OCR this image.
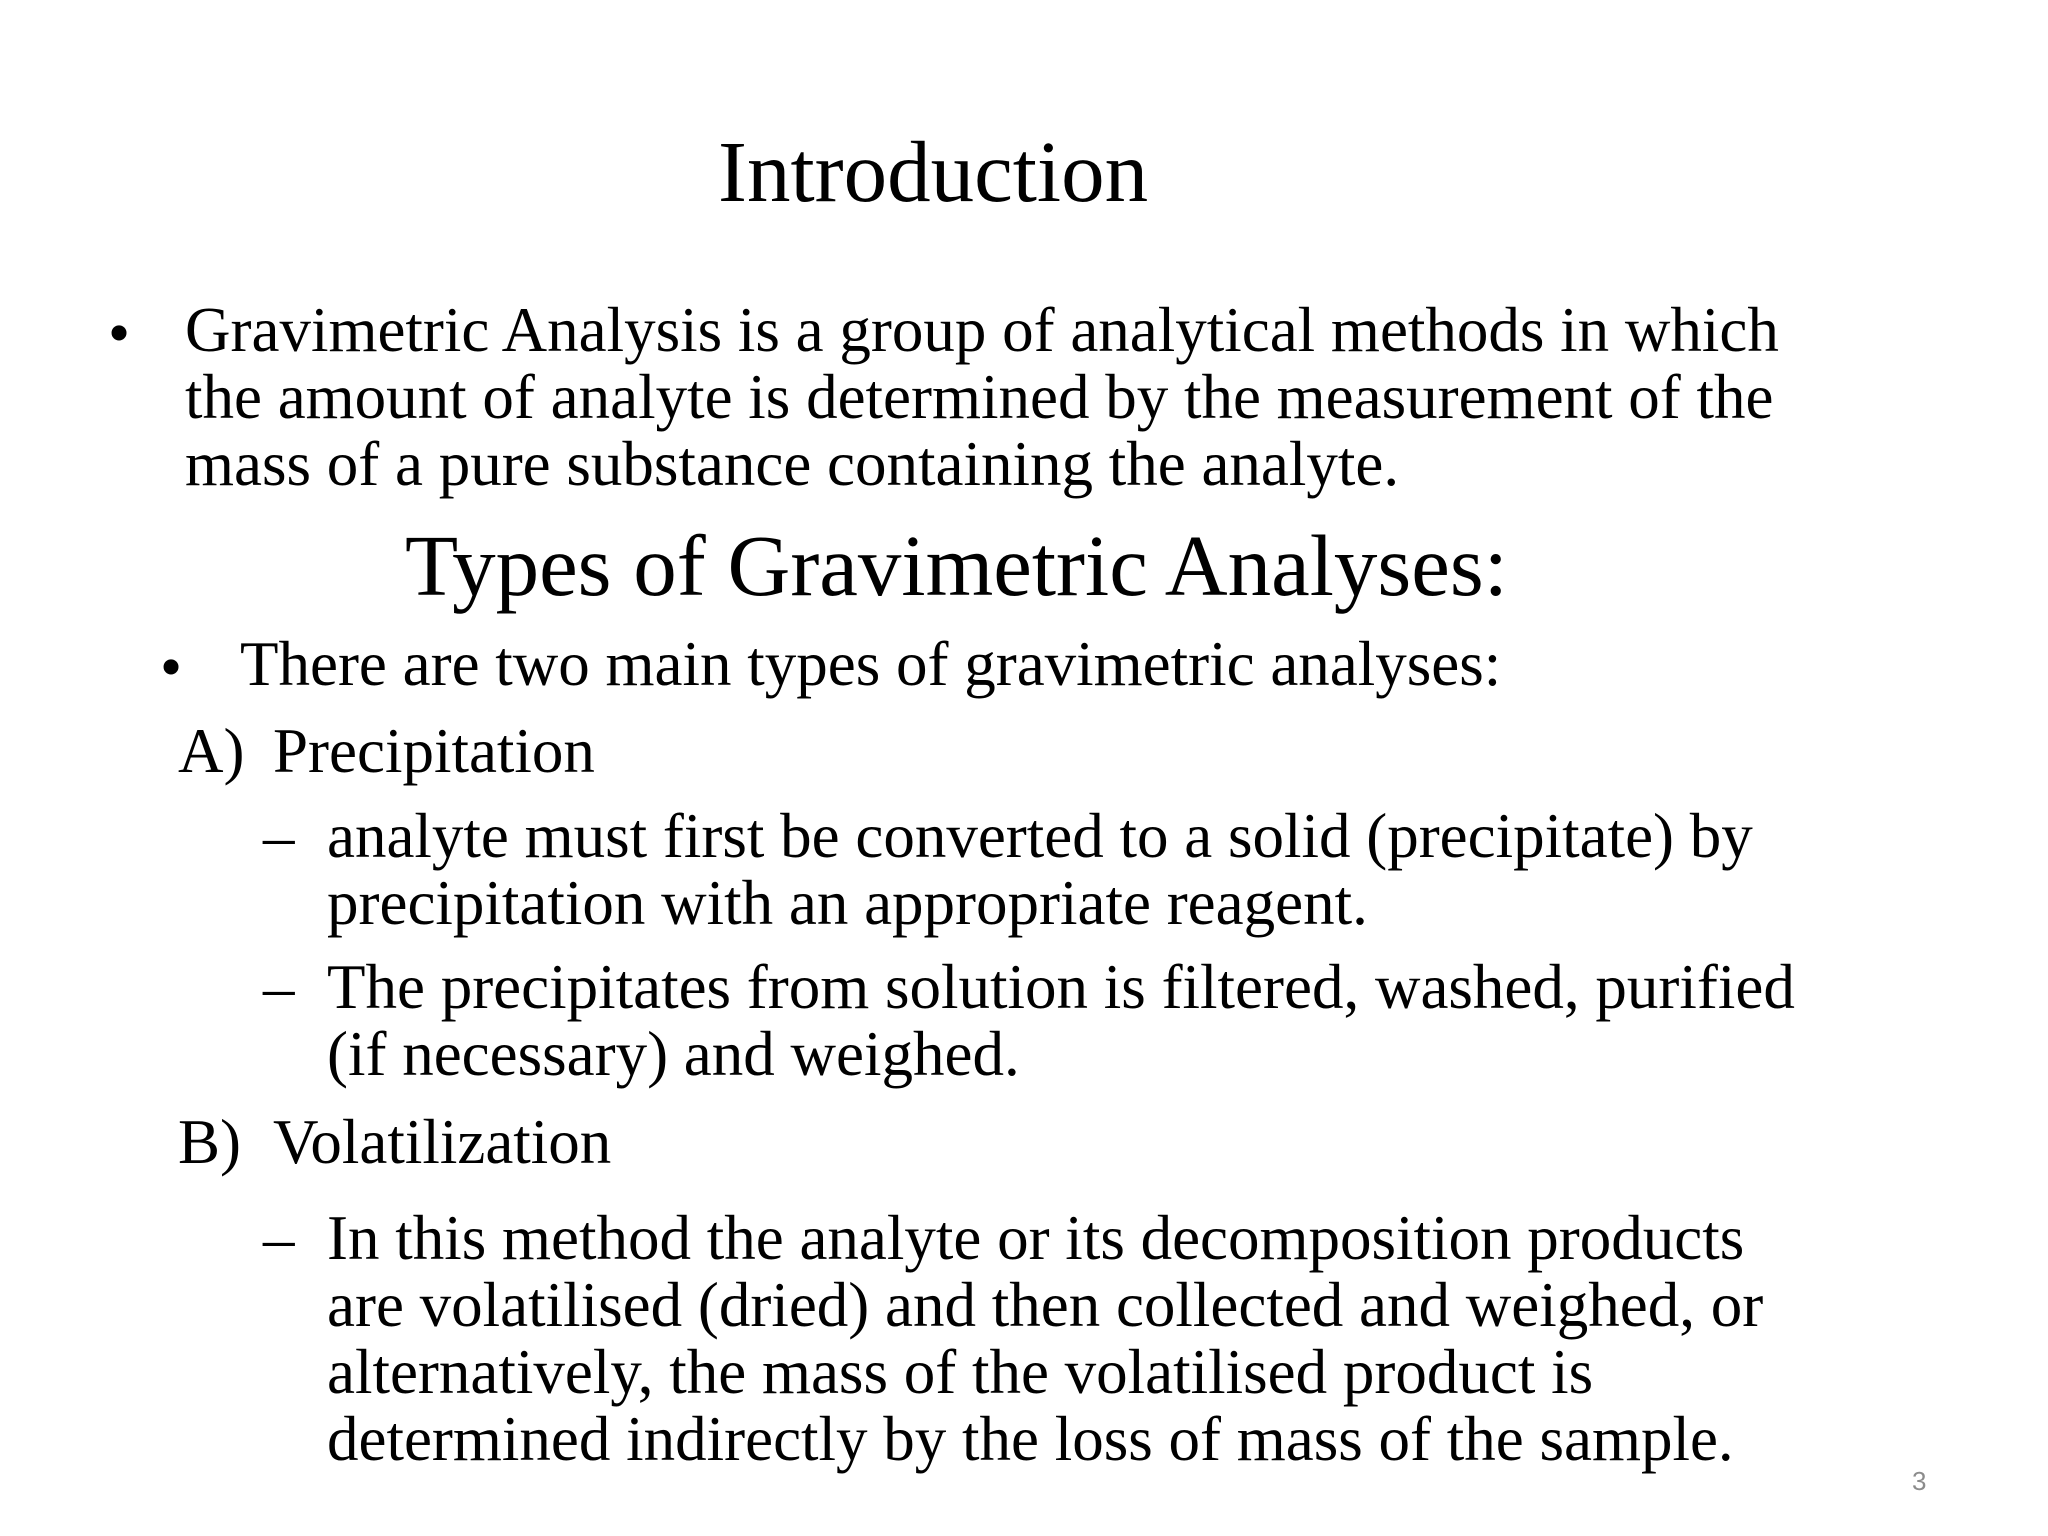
Introduction
• Gravimetric Analysis is a group of analytical methods in which
the amount of analyte is determined by the measurement of the
mass of a pure substance containing the analyte.
Types of Gravimetric Analyses:
• There are two main types of gravimetric analyses:
A) Precipitation
– analyte must first be converted to a solid (precipitate) by
precipitation with an appropriate reagent.
– The precipitates from solution is filtered, washed, purified
(if necessary) and weighed.
B) Volatilization
– In this method the analyte or its decomposition products
are volatilised (dried) and then collected and weighed, or
alternatively, the mass of the volatilised product is
determined indirectly by the loss of mass of the sample.
3
